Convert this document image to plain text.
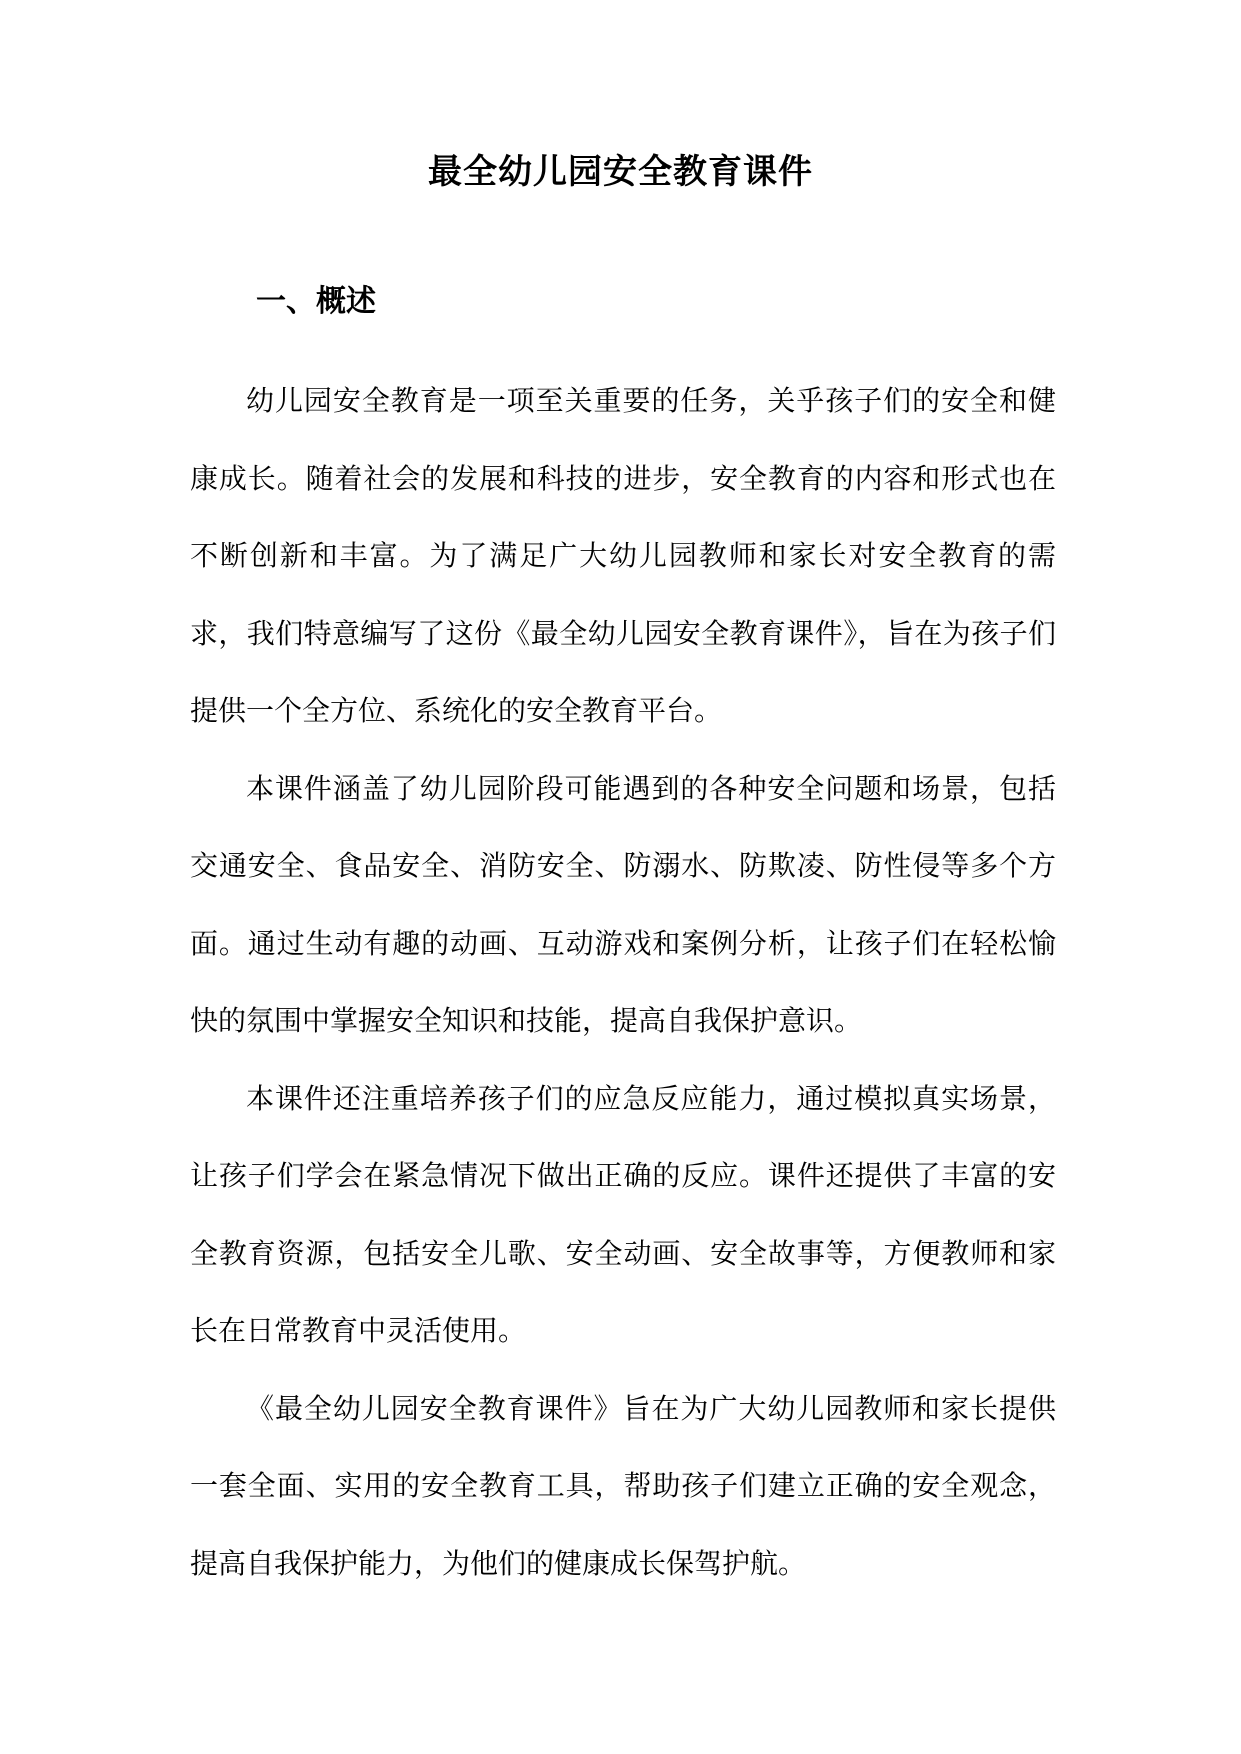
最全幼儿园安全教育课件
一、概述

幼儿园安全教育是一项至关重要的任务，关乎孩子们的安全和健康成长。随着社会的发展和科技的进步，安全教育的内容和形式也在不断创新和丰富。为了满足广大幼儿园教师和家长对安全教育的需求，我们特意编写了这份《最全幼儿园安全教育课件》，旨在为孩子们提供一个全方位、系统化的安全教育平台。

本课件涵盖了幼儿园阶段可能遇到的各种安全问题和场景，包括交通安全、食品安全、消防安全、防溺水、防欺凌、防性侵等多个方面。通过生动有趣的动画、互动游戏和案例分析，让孩子们在轻松愉快的氛围中掌握安全知识和技能，提高自我保护意识。

本课件还注重培养孩子们的应急反应能力，通过模拟真实场景，让孩子们学会在紧急情况下做出正确的反应。课件还提供了丰富的安全教育资源，包括安全儿歌、安全动画、安全故事等，方便教师和家长在日常教育中灵活使用。

《最全幼儿园安全教育课件》旨在为广大幼儿园教师和家长提供一套全面、实用的安全教育工具，帮助孩子们建立正确的安全观念，提高自我保护能力，为他们的健康成长保驾护航。
